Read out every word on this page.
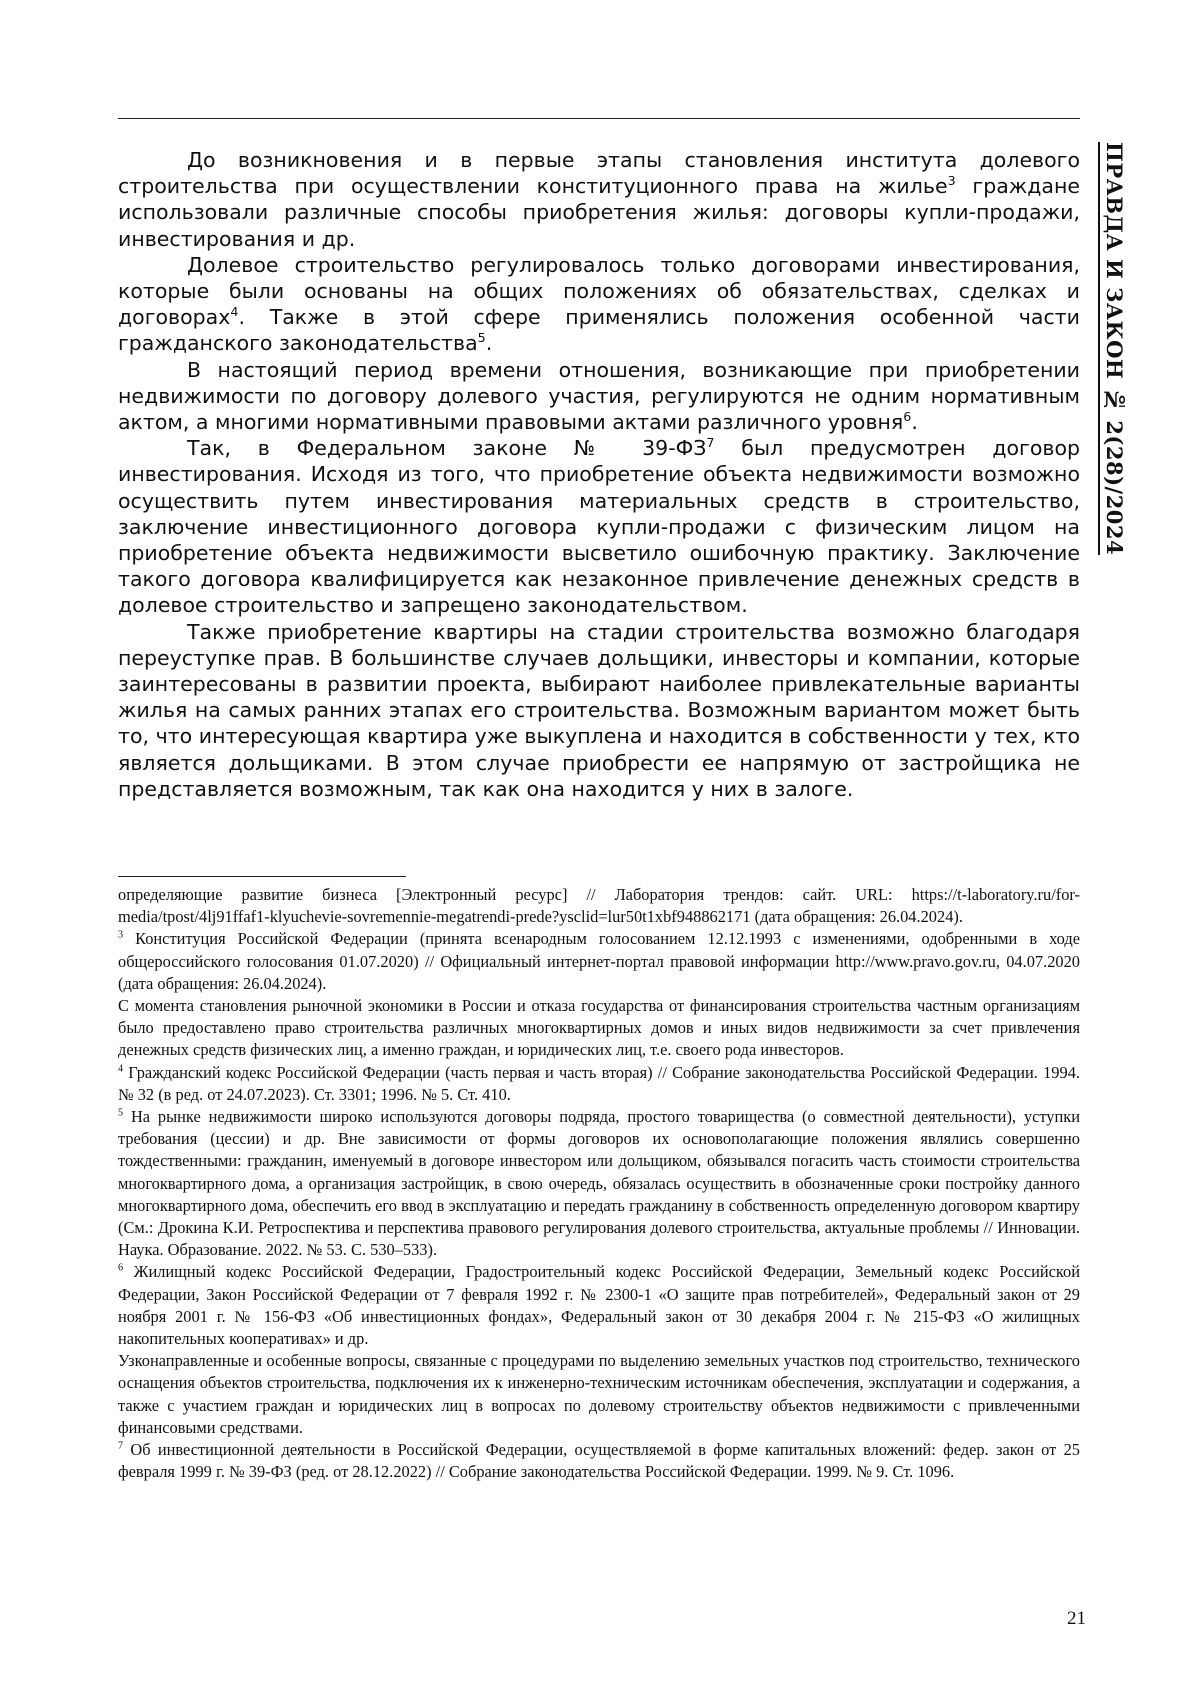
ПРАВДА И ЗАКОН № 2(28)/2024

До возникновения и в первые этапы становления института долевого строительства при осуществлении конституционного права на жилье$^3$ граждане использовали различные способы приобретения жилья: договоры купли-продажи, инвестирования и др.

Долевое строительство регулировалось только договорами инвестирования, которые были основаны на общих положениях об обязательствах, сделках и договорах$^4$. Также в этой сфере применялись положения особенной части гражданского законодательства$^5$.

В настоящий период времени отношения, возникающие при приобретении недвижимости по договору долевого участия, регулируются не одним нормативным актом, а многими нормативными правовыми актами различного уровня$^6$.

Так, в Федеральном законе № $39-ФЗ^7$ был предусмотрен договор инвестирования. Исходя из того, что приобретение объекта недвижимости возможно осуществить путем инвестирования материальных средств в строительство, заключение инвестиционного договора купли-продажи с физическим лицом на приобретение объекта недвижимости высветило ошибочную практику. Заключение такого договора квалифицируется как незаконное привлечение денежных средств в долевое строительство и запрещено законодательством.

Также приобретение квартиры на стадии строительства возможно благодаря переуступке прав. В большинстве случаев дольщики, инвесторы и компании, которые заинтересованы в развитии проекта, выбирают наиболее привлекательные варианты жилья на самых ранних этапах его строительства. Возможным вариантом может быть то, что интересующая квартира уже выкуплена и находится в собственности у тех, кто является дольщиками. В этом случае приобрести ее напрямую от застройщика не представляется возможным, так как она находится у них в залоге.

определяющие развитие бизнеса [Электронный ресурс] // Лаборатория трендов: сайт. URL: https://t-laboratory.ru/for-media/tpost/4lj91ffaf1-klyuchevie-sovremennie-megatrendi-prede?ysclid=lur50t1xbf948862171 (дата обращения: 26.04.2024).

$^3$ Конституция Российской Федерации (принята всенародным голосованием 12.12.1993 с изменениями, одобренными в ходе общероссийского голосования 01.07.2020) // Официальный интернет-портал правовой информации http://www.pravo.gov.ru, 04.07.2020 (дата обращения: 26.04.2024).

С момента становления рыночной экономики в России и отказа государства от финансирования строительства частным организациям было предоставлено право строительства различных многоквартирных домов и иных видов недвижимости за счет привлечения денежных средств физических лиц, а именно граждан, и юридических лиц, т.е. своего рода инвесторов.

$^4$ Гражданский кодекс Российской Федерации (часть первая и часть вторая) // Собрание законодательства Российской Федерации. 1994. № 32 (в ред. от 24.07.2023). Ст. 3301; 1996. № 5. Ст. 410.

$^5$ На рынке недвижимости широко используются договоры подряда, простого товарищества (о совместной деятельности), уступки требования (цессии) и др. Вне зависимости от формы договоров их основополагающие положения являлись совершенно тождественными: гражданин, именуемый в договоре инвестором или дольщиком, обязывался погасить часть стоимости строительства многоквартирного дома, а организация застройщик, в свою очередь, обязалась осуществить в обозначенные сроки постройку данного многоквартирного дома, обеспечить его ввод в эксплуатацию и передать гражданину в собственность определенную договором квартиру (См.: Дрокина К.И. Ретроспектива и перспектива правового регулирования долевого строительства, актуальные проблемы // Инновации. Наука. Образование. 2022. № 53. С. 530–533).

$^6$ Жилищный кодекс Российской Федерации, Градостроительный кодекс Российской Федерации, Земельный кодекс Российской Федерации, Закон Российской Федерации от 7 февраля 1992 г. № 2300-1 «О защите прав потребителей», Федеральный закон от 29 ноября 2001 г. № 156-ФЗ «Об инвестиционных фондах», Федеральный закон от 30 декабря 2004 г. № 215-ФЗ «О жилищных накопительных кооперативах» и др.

Узконаправленные и особенные вопросы, связанные с процедурами по выделению земельных участков под строительство, технического оснащения объектов строительства, подключения их к инженерно-техническим источникам обеспечения, эксплуатации и содержания, а также с участием граждан и юридических лиц в вопросах по долевому строительству объектов недвижимости с привлеченными финансовыми средствами.

$^7$ Об инвестиционной деятельности в Российской Федерации, осуществляемой в форме капитальных вложений: федер. закон от 25 февраля 1999 г. № 39-ФЗ (ред. от 28.12.2022) // Собрание законодательства Российской Федерации. 1999. № 9. Ст. 1096.

21
